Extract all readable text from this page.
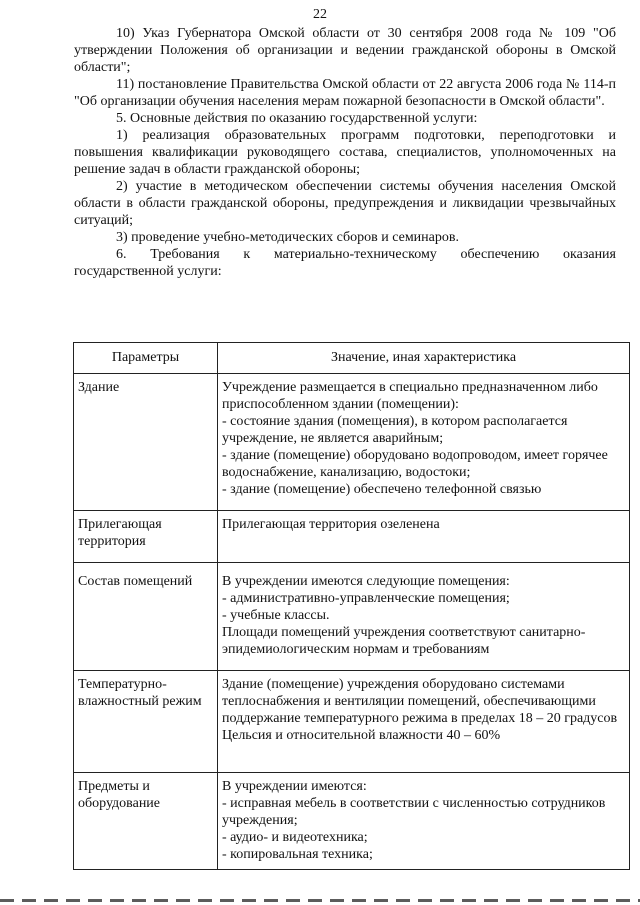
22

10) Указ Губернатора Омской области от 30 сентября 2008 года № 109 "Об утверждении Положения об организации и ведении гражданской обороны в Омской области";

11) постановление Правительства Омской области от 22 августа 2006 года № 114-п "Об организации обучения населения мерам пожарной безопасности в Омской области".

5. Основные действия по оказанию государственной услуги:

1) реализация образовательных программ подготовки, переподготовки и повышения квалификации руководящего состава, специалистов, уполномоченных на решение задач в области гражданской обороны;

2) участие в методическом обеспечении системы обучения населения Омской области в области гражданской обороны, предупреждения и ликвидации чрезвычайных ситуаций;

3) проведение учебно-методических сборов и семинаров.

6. Требования к материально-техническому обеспечению оказания государственной услуги:

Параметры	Значение, иная характеристика
Здание	Учреждение размещается в специально предназначенном либо приспособленном здании (помещении):
- состояние здания (помещения), в котором располагается учреждение, не является аварийным;
- здание (помещение) оборудовано водопроводом, имеет горячее водоснабжение, канализацию, водостоки;
- здание (помещение) обеспечено телефонной связью

Прилегающая территория	Прилегающая территория озеленена

Состав помещений	В учреждении имеются следующие помещения:
- административно-управленческие помещения;
- учебные классы.
Площади помещений учреждения соответствуют санитарно-эпидемиологическим нормам и требованиям

Температурно-влажностный режим	Здание (помещение) учреждения оборудовано системами теплоснабжения и вентиляции помещений, обеспечивающими поддержание температурного режима в пределах 18 – 20 градусов Цельсия и относительной влажности 40 – 60%

Предметы и оборудование	В учреждении имеются:
- исправная мебель в соответствии с численностью сотрудников учреждения;
- аудио- и видеотехника;
- копировальная техника;
